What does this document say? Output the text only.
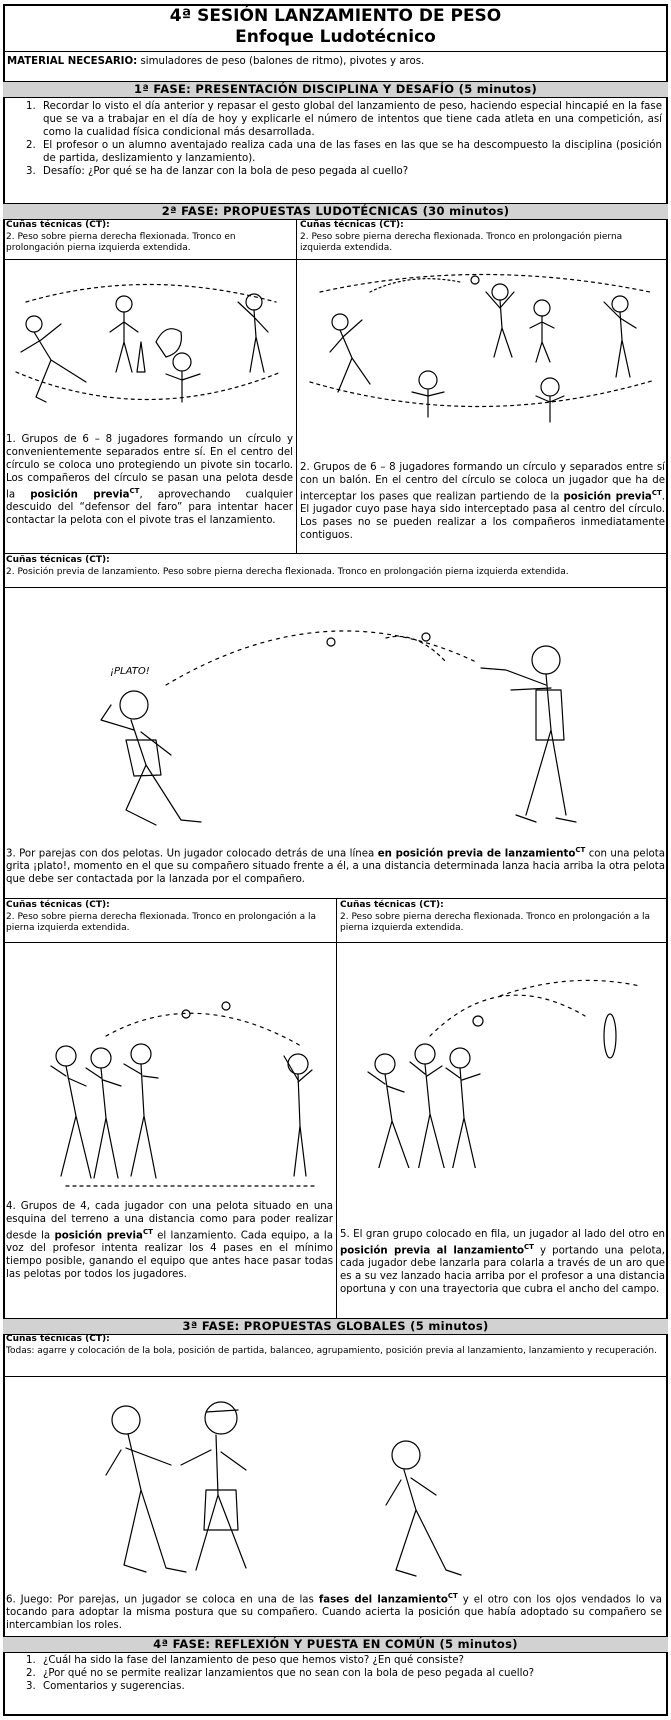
4ª SESIÓN LANZAMIENTO DE PESO
Enfoque Ludotécnico
MATERIAL NECESARIO: simuladores de peso (balones de ritmo), pivotes y aros.
1ª FASE: PRESENTACIÓN DISCIPLINA Y DESAFÍO (5 minutos)
1. Recordar lo visto el día anterior y repasar el gesto global del lanzamiento de peso, haciendo especial hincapié en la fase que se va a trabajar en el día de hoy y explicarle el número de intentos que tiene cada atleta en una competición, así como la cualidad física condicional más desarrollada.
2. El profesor o un alumno aventajado realiza cada una de las fases en las que se ha descompuesto la disciplina (posición de partida, deslizamiento y lanzamiento).
3. Desafío: ¿Por qué se ha de lanzar con la bola de peso pegada al cuello?
2ª FASE: PROPUESTAS LUDOTÉCNICAS (30 minutos)
Cuñas técnicas (CT):
2. Peso sobre pierna derecha flexionada. Tronco en prolongación pierna izquierda extendida.
Cuñas técnicas (CT):
2. Peso sobre pierna derecha flexionada. Tronco en prolongación pierna izquierda extendida.
1. Grupos de 6 – 8 jugadores formando un círculo y convenientemente separados entre sí. En el centro del círculo se coloca uno protegiendo un pivote sin tocarlo. Los compañeros del círculo se pasan una pelota desde la posición previa$^{CT}$, aprovechando cualquier descuido del “defensor del faro” para intentar hacer contactar la pelota con el pivote tras el lanzamiento.
2. Grupos de 6 – 8 jugadores formando un círculo y separados entre sí con un balón. En el centro del círculo se coloca un jugador que ha de interceptar los pases que realizan partiendo de la posición previa$^{CT}$. El jugador cuyo pase haya sido interceptado pasa al centro del círculo. Los pases no se pueden realizar a los compañeros inmediatamente contiguos.
Cuñas técnicas (CT):
2. Posición previa de lanzamiento. Peso sobre pierna derecha flexionada. Tronco en prolongación pierna izquierda extendida.
¡PLATO!
3. Por parejas con dos pelotas. Un jugador colocado detrás de una línea en posición previa de lanzamiento$^{CT}$ con una pelota grita ¡plato!, momento en el que su compañero situado frente a él, a una distancia determinada lanza hacia arriba la otra pelota que debe ser contactada por la lanzada por el compañero.
Cuñas técnicas (CT):
2. Peso sobre pierna derecha flexionada. Tronco en prolongación a la pierna izquierda extendida.
Cuñas técnicas (CT):
2. Peso sobre pierna derecha flexionada. Tronco en prolongación a la pierna izquierda extendida.
4. Grupos de 4, cada jugador con una pelota situado en una esquina del terreno a una distancia como para poder realizar desde la posición previa$^{CT}$ el lanzamiento. Cada equipo, a la voz del profesor intenta realizar los 4 pases en el mínimo tiempo posible, ganando el equipo que antes hace pasar todas las pelotas por todos los jugadores.
5. El gran grupo colocado en fila, un jugador al lado del otro en posición previa al lanzamiento$^{CT}$ y portando una pelota, cada jugador debe lanzarla para colarla a través de un aro que es a su vez lanzado hacia arriba por el profesor a una distancia oportuna y con una trayectoria que cubra el ancho del campo.
3ª FASE: PROPUESTAS GLOBALES (5 minutos)
Cuñas técnicas (CT):
Todas: agarre y colocación de la bola, posición de partida, balanceo, agrupamiento, posición previa al lanzamiento, lanzamiento y recuperación.
6. Juego: Por parejas, un jugador se coloca en una de las fases del lanzamiento$^{CT}$ y el otro con los ojos vendados lo va tocando para adoptar la misma postura que su compañero. Cuando acierta la posición que había adoptado su compañero se intercambian los roles.
4ª FASE: REFLEXIÓN Y PUESTA EN COMÚN (5 minutos)
1. ¿Cuál ha sido la fase del lanzamiento de peso que hemos visto? ¿En qué consiste?
2. ¿Por qué no se permite realizar lanzamientos que no sean con la bola de peso pegada al cuello?
3. Comentarios y sugerencias.
